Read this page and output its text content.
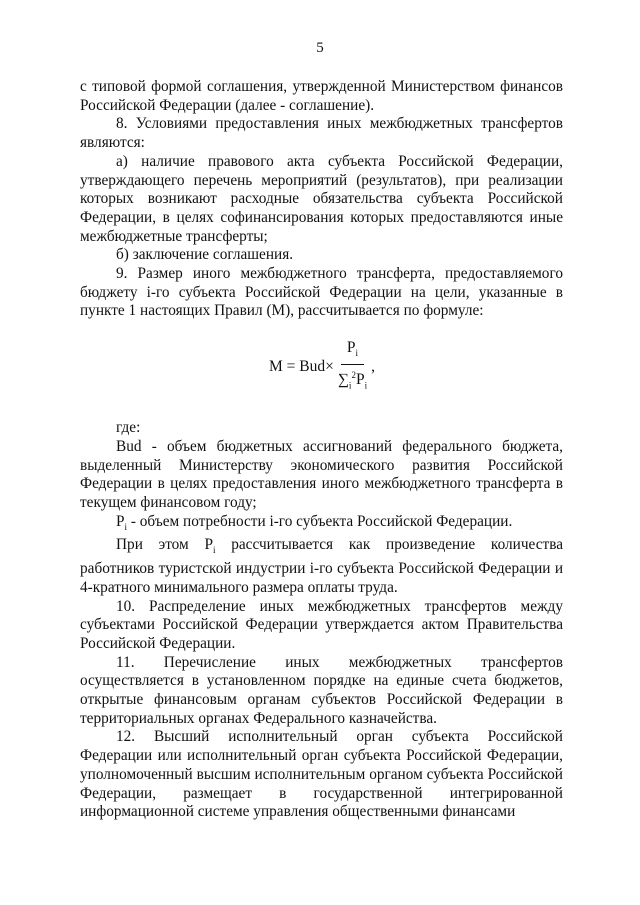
5

с типовой формой соглашения, утвержденной Министерством финансов Российской Федерации (далее - соглашение).

8. Условиями предоставления иных межбюджетных трансфертов являются:

а) наличие правового акта субъекта Российской Федерации, утверждающего перечень мероприятий (результатов), при реализации которых возникают расходные обязательства субъекта Российской Федерации, в целях софинансирования которых предоставляются иные межбюджетные трансферты;

б) заключение соглашения.

9. Размер иного межбюджетного трансферта, предоставляемого бюджету i-го субъекта Российской Федерации на цели, указанные в пункте 1 настоящих Правил (M), рассчитывается по формуле:

$M = Bud\times \frac{P_i}{\sum_i^2P_i}$ ,

где:

Bud - объем бюджетных ассигнований федерального бюджета, выделенный Министерству экономического развития Российской Федерации в целях предоставления иного межбюджетного трансферта в текущем финансовом году;

$P_i$ - объем потребности i-го субъекта Российской Федерации.

При этом $P_i$ рассчитывается как произведение количества работников туристской индустрии i-го субъекта Российской Федерации и 4-кратного минимального размера оплаты труда.

10. Распределение иных межбюджетных трансфертов между субъектами Российской Федерации утверждается актом Правительства Российской Федерации.

11. Перечисление иных межбюджетных трансфертов осуществляется в установленном порядке на единые счета бюджетов, открытые финансовым органам субъектов Российской Федерации в территориальных органах Федерального казначейства.

12. Высший исполнительный орган субъекта Российской Федерации или исполнительный орган субъекта Российской Федерации, уполномоченный высшим исполнительным органом субъекта Российской Федерации, размещает в государственной интегрированной информационной системе управления общественными финансами
